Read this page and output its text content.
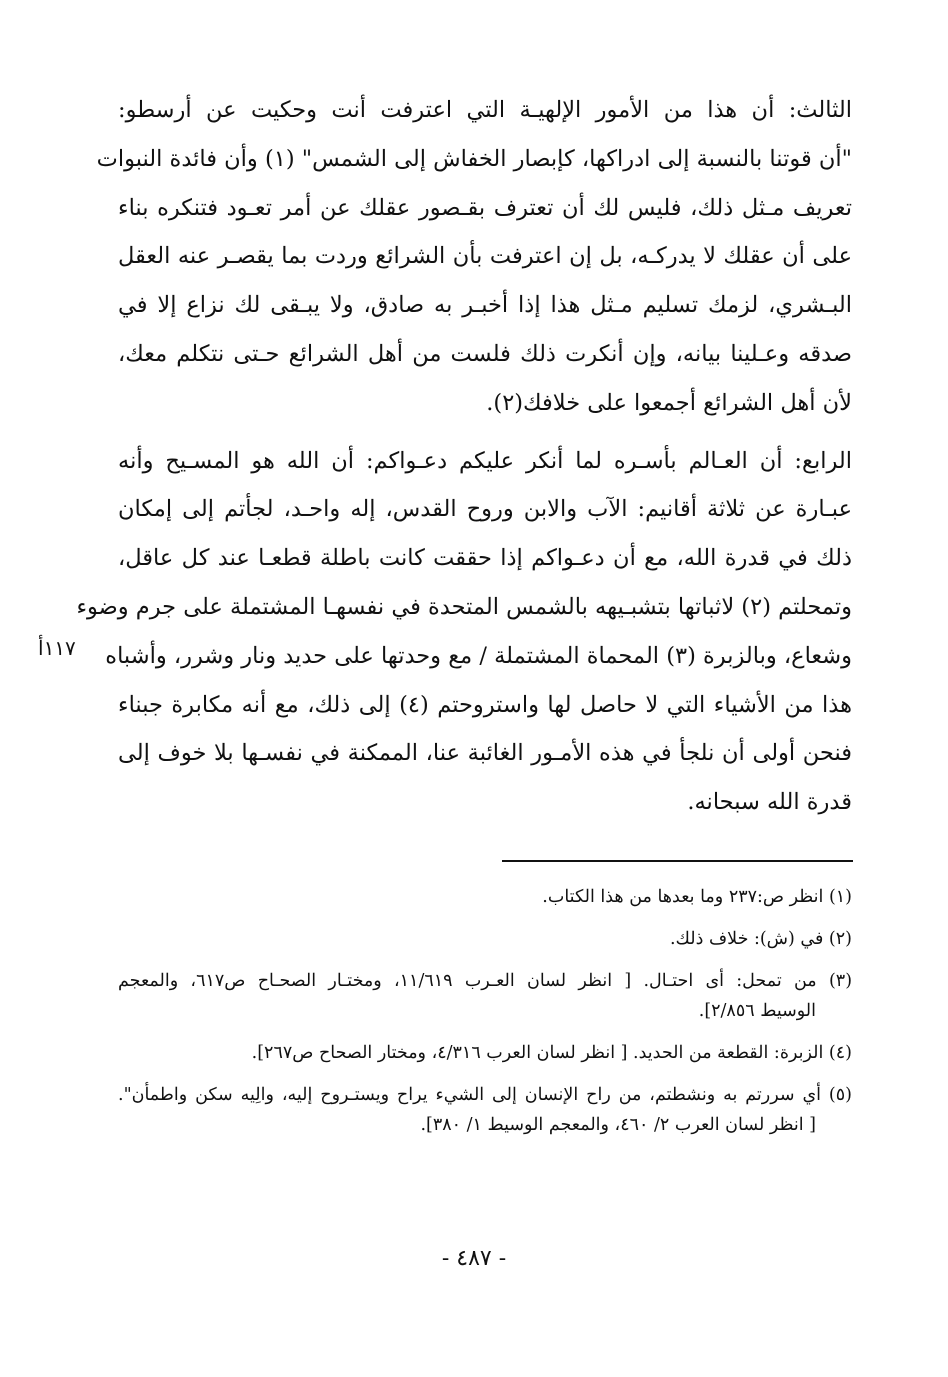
الثالث: أن هذا من الأمور الإلهيـة التي اعترفت أنت وحكيت عن أرسطو:
"أن قوتنا بالنسبة إلى ادراكها، كإبصار الخفاش إلى الشمس" (١) وأن فائدة النبوات
تعريف مـثل ذلك، فليس لك أن تعترف بقـصور عقلك عن أمر تعـود فتنكره بناء
على أن عقلك لا يدركـه، بل إن اعترفت بأن الشرائع وردت بما يقصـر عنه العقل
البـشري، لزمك تسليم مـثل هذا إذا أخبـر به صادق، ولا يبـقى لك نزاع إلا في
صدقه وعـلينا بيانه، وإن أنكرت ذلك فلست من أهل الشرائع حـتى نتكلم معك،
لأن أهل الشرائع أجمعوا على خلافك(٢).
الرابع: أن العـالم بأسـره لما أنكر عليكم دعـواكم: أن الله هو المسـيح وأنه
عبـارة عن ثلاثة أقانيم: الآب والابن وروح القدس، إله واحـد، لجأتم إلى إمكان
ذلك في قدرة الله، مع أن دعـواكم إذا حققت كانت باطلة قطعـا عند كل عاقل،
وتمحلتم (٢) لاثباتها بتشبـيهه بالشمس المتحدة في نفسهـا المشتملة على جرم وضوء
وشعاع، وبالزبرة (٣) المحماة المشتملة / مع وحدتها على حديد ونار وشرر، وأشباه
هذا من الأشياء التي لا حاصل لها واستروحتم (٤) إلى ذلك، مع أنه مكابرة جبناء
فنحن أولى أن نلجأ في هذه الأمـور الغائبة عنا، الممكنة في نفسـها بلا خوف إلى
قدرة الله سبحانه.
١١٧أ
(١) انظر ص:٢٣٧ وما بعدها من هذا الكتاب.
(٢) في (ش): خلاف ذلك.
(٣) من تمحل: أى احتـال. [ انظر لسان العـرب ١١/٦١٩، ومختـار الصحـاح ص٦١٧، والمعجم
الوسيط ٢/٨٥٦].
(٤) الزبرة: القطعة من الحديد. [ انظر لسان العرب ٤/٣١٦، ومختار الصحاح ص٢٦٧].
(٥) أي سررتم به ونشطتم، من راح الإنسان إلى الشيء يراح ويستـروح إليه، والِيه سكن واطمأن".
[ انظر لسان العرب ٢/ ٤٦٠، والمعجم الوسيط ١/ ٣٨٠].
- ٤٨٧ -
